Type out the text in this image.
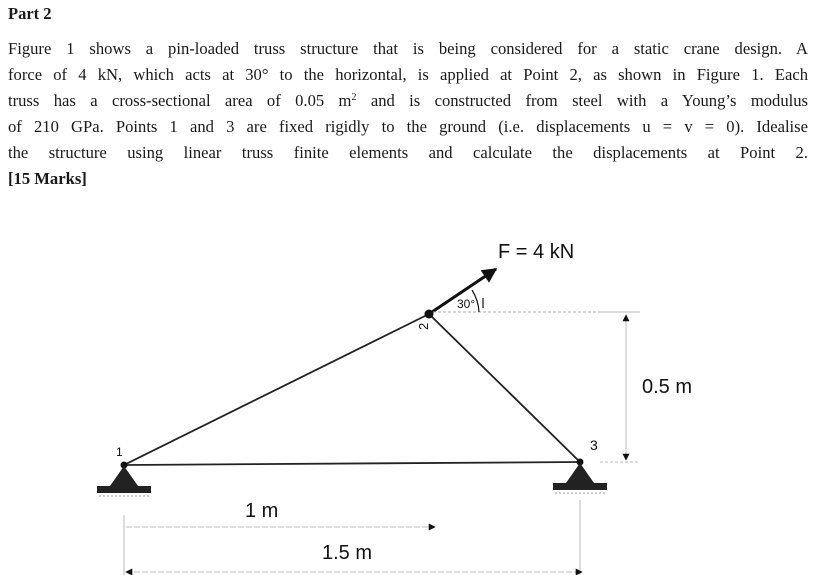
Part 2
Figure 1 shows a pin-loaded truss structure that is being considered for a static crane design. A
force of 4 kN, which acts at 30° to the horizontal, is applied at Point 2, as shown in Figure 1. Each
truss has a cross-sectional area of 0.05 $m^2$ and is constructed from steel with a Young’s modulus
of 210 GPa. Points 1 and 3 are fixed rigidly to the ground (i.e. displacements u = v = 0). Idealise
the structure using linear truss finite elements and calculate the displacements at Point 2.
[15 Marks]
F = 4 kN
30°
1
2
3
0.5 m
1 m
1.5 m
